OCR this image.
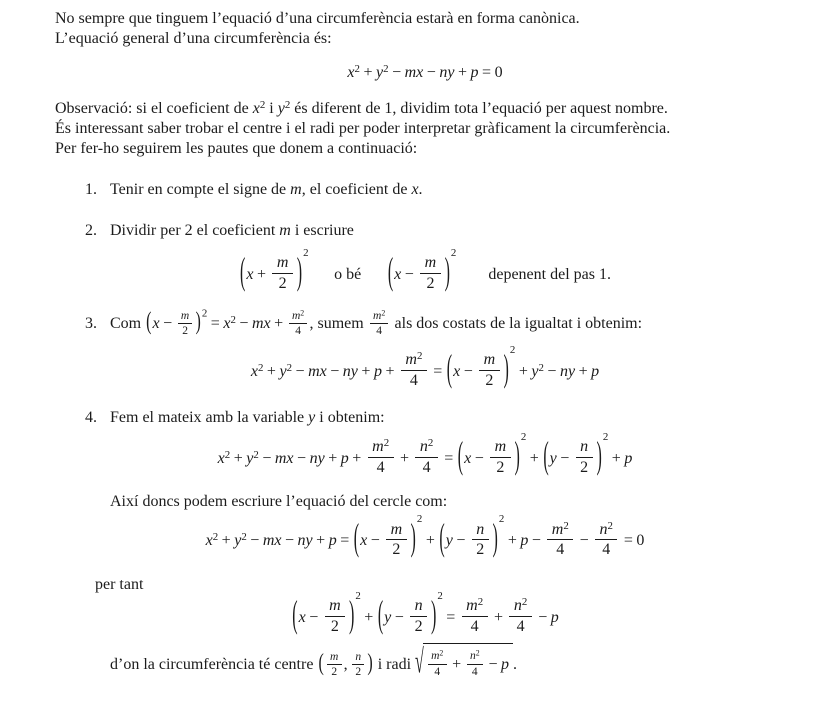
No sempre que tinguem l’equació d’una circumferència estarà en forma canònica.
L’equació general d’una circumferència és:

$x^2 + y^2$ − mx − ny + p = 0

Observació: si el coeficient de $x^2$ i $y^2$ és diferent de 1, dividim tota l’equació per aquest nombre.
És interessant saber trobar el centre i el radi per poder interpretar gràficament la circumferència.
Per fer-ho seguirem les pautes que donem a continuació:

1. Tenir en compte el signe de m, el coeficient de x.
2. Dividir per 2 el coeficient m i escriure
$(x + \frac{m}{2} )^2o$ bé ($x - \frac{m}{2}$ )$^2depenent$ del pas 1.
3. Com $(x - \frac{m}{2} )^2= x^2$ − mx + $\frac{m^2}{4}$ , sumem $\frac{m^2}{4}$ als dos costats de la igualtat i obtenim:
$x^2 + y^2$ − mx − ny + $p + \frac{m^2}{4} = (x - \frac{m}{2} )^2+ y^2$ − ny + p
4. Fem el mateix amb la variable y i obtenim:
$x^2 + y^2$ − mx − ny + $p + \frac{m^2}{4} + \frac{n^2}{4} = (x - \frac{m}{2} )^2+ (y - \frac{n}{2} )^2+ p$

Així doncs podem escriure l’equació del cercle com:

$x^2 + y^2$ − mx − ny + $p = (x - \frac{m}{2} )^2+ (y - \frac{n}{2} )^2+ p - \frac{m^2}{4} - \frac{n^2}{4} = 0$

per tant

$(x - \frac{m}{2} )^2+ (y - \frac{n}{2} )^2= \frac{m^2}{4} + \frac{n^2}{4} - p$

d’on la circumferència té centre ( $\frac{m}{2}$ , $\frac{n}{2}$ ) i radi √ $\frac{m^2}{4} + \frac{n^2}{4} - p$ .
